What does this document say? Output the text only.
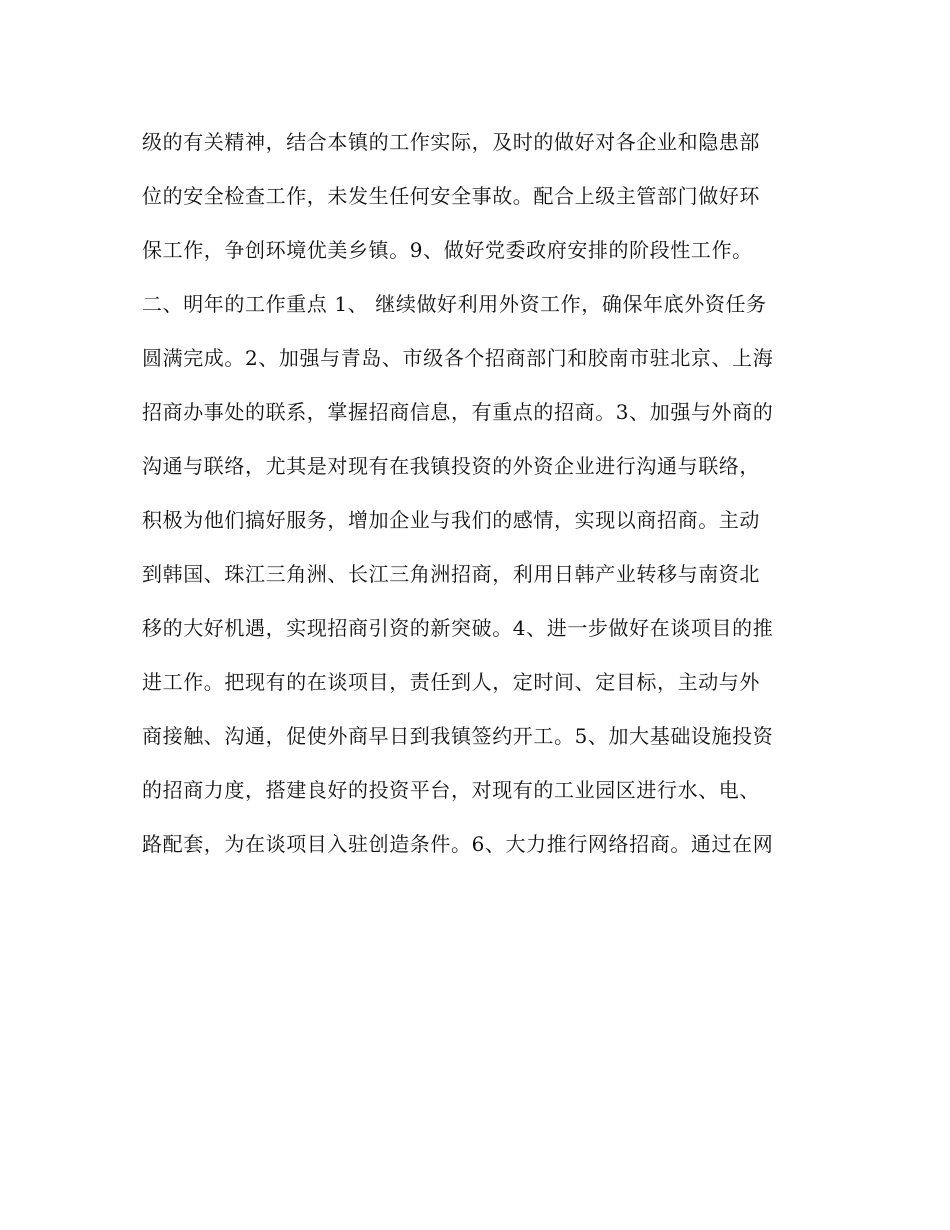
级的有关精神，结合本镇的工作实际，及时的做好对各企业和隐患部
位的安全检查工作，未发生任何安全事故。配合上级主管部门做好环
保工作，争创环境优美乡镇。9、做好党委政府安排的阶段性工作。
二、明年的工作重点 1、 继续做好利用外资工作，确保年底外资任务
圆满完成。2、加强与青岛、市级各个招商部门和胶南市驻北京、上海
招商办事处的联系，掌握招商信息，有重点的招商。3、加强与外商的
沟通与联络，尤其是对现有在我镇投资的外资企业进行沟通与联络，
积极为他们搞好服务，增加企业与我们的感情，实现以商招商。主动
到韩国、珠江三角洲、长江三角洲招商，利用日韩产业转移与南资北
移的大好机遇，实现招商引资的新突破。4、进一步做好在谈项目的推
进工作。把现有的在谈项目，责任到人，定时间、定目标，主动与外
商接触、沟通，促使外商早日到我镇签约开工。5、加大基础设施投资
的招商力度，搭建良好的投资平台，对现有的工业园区进行水、电、
路配套，为在谈项目入驻创造条件。6、大力推行网络招商。通过在网
